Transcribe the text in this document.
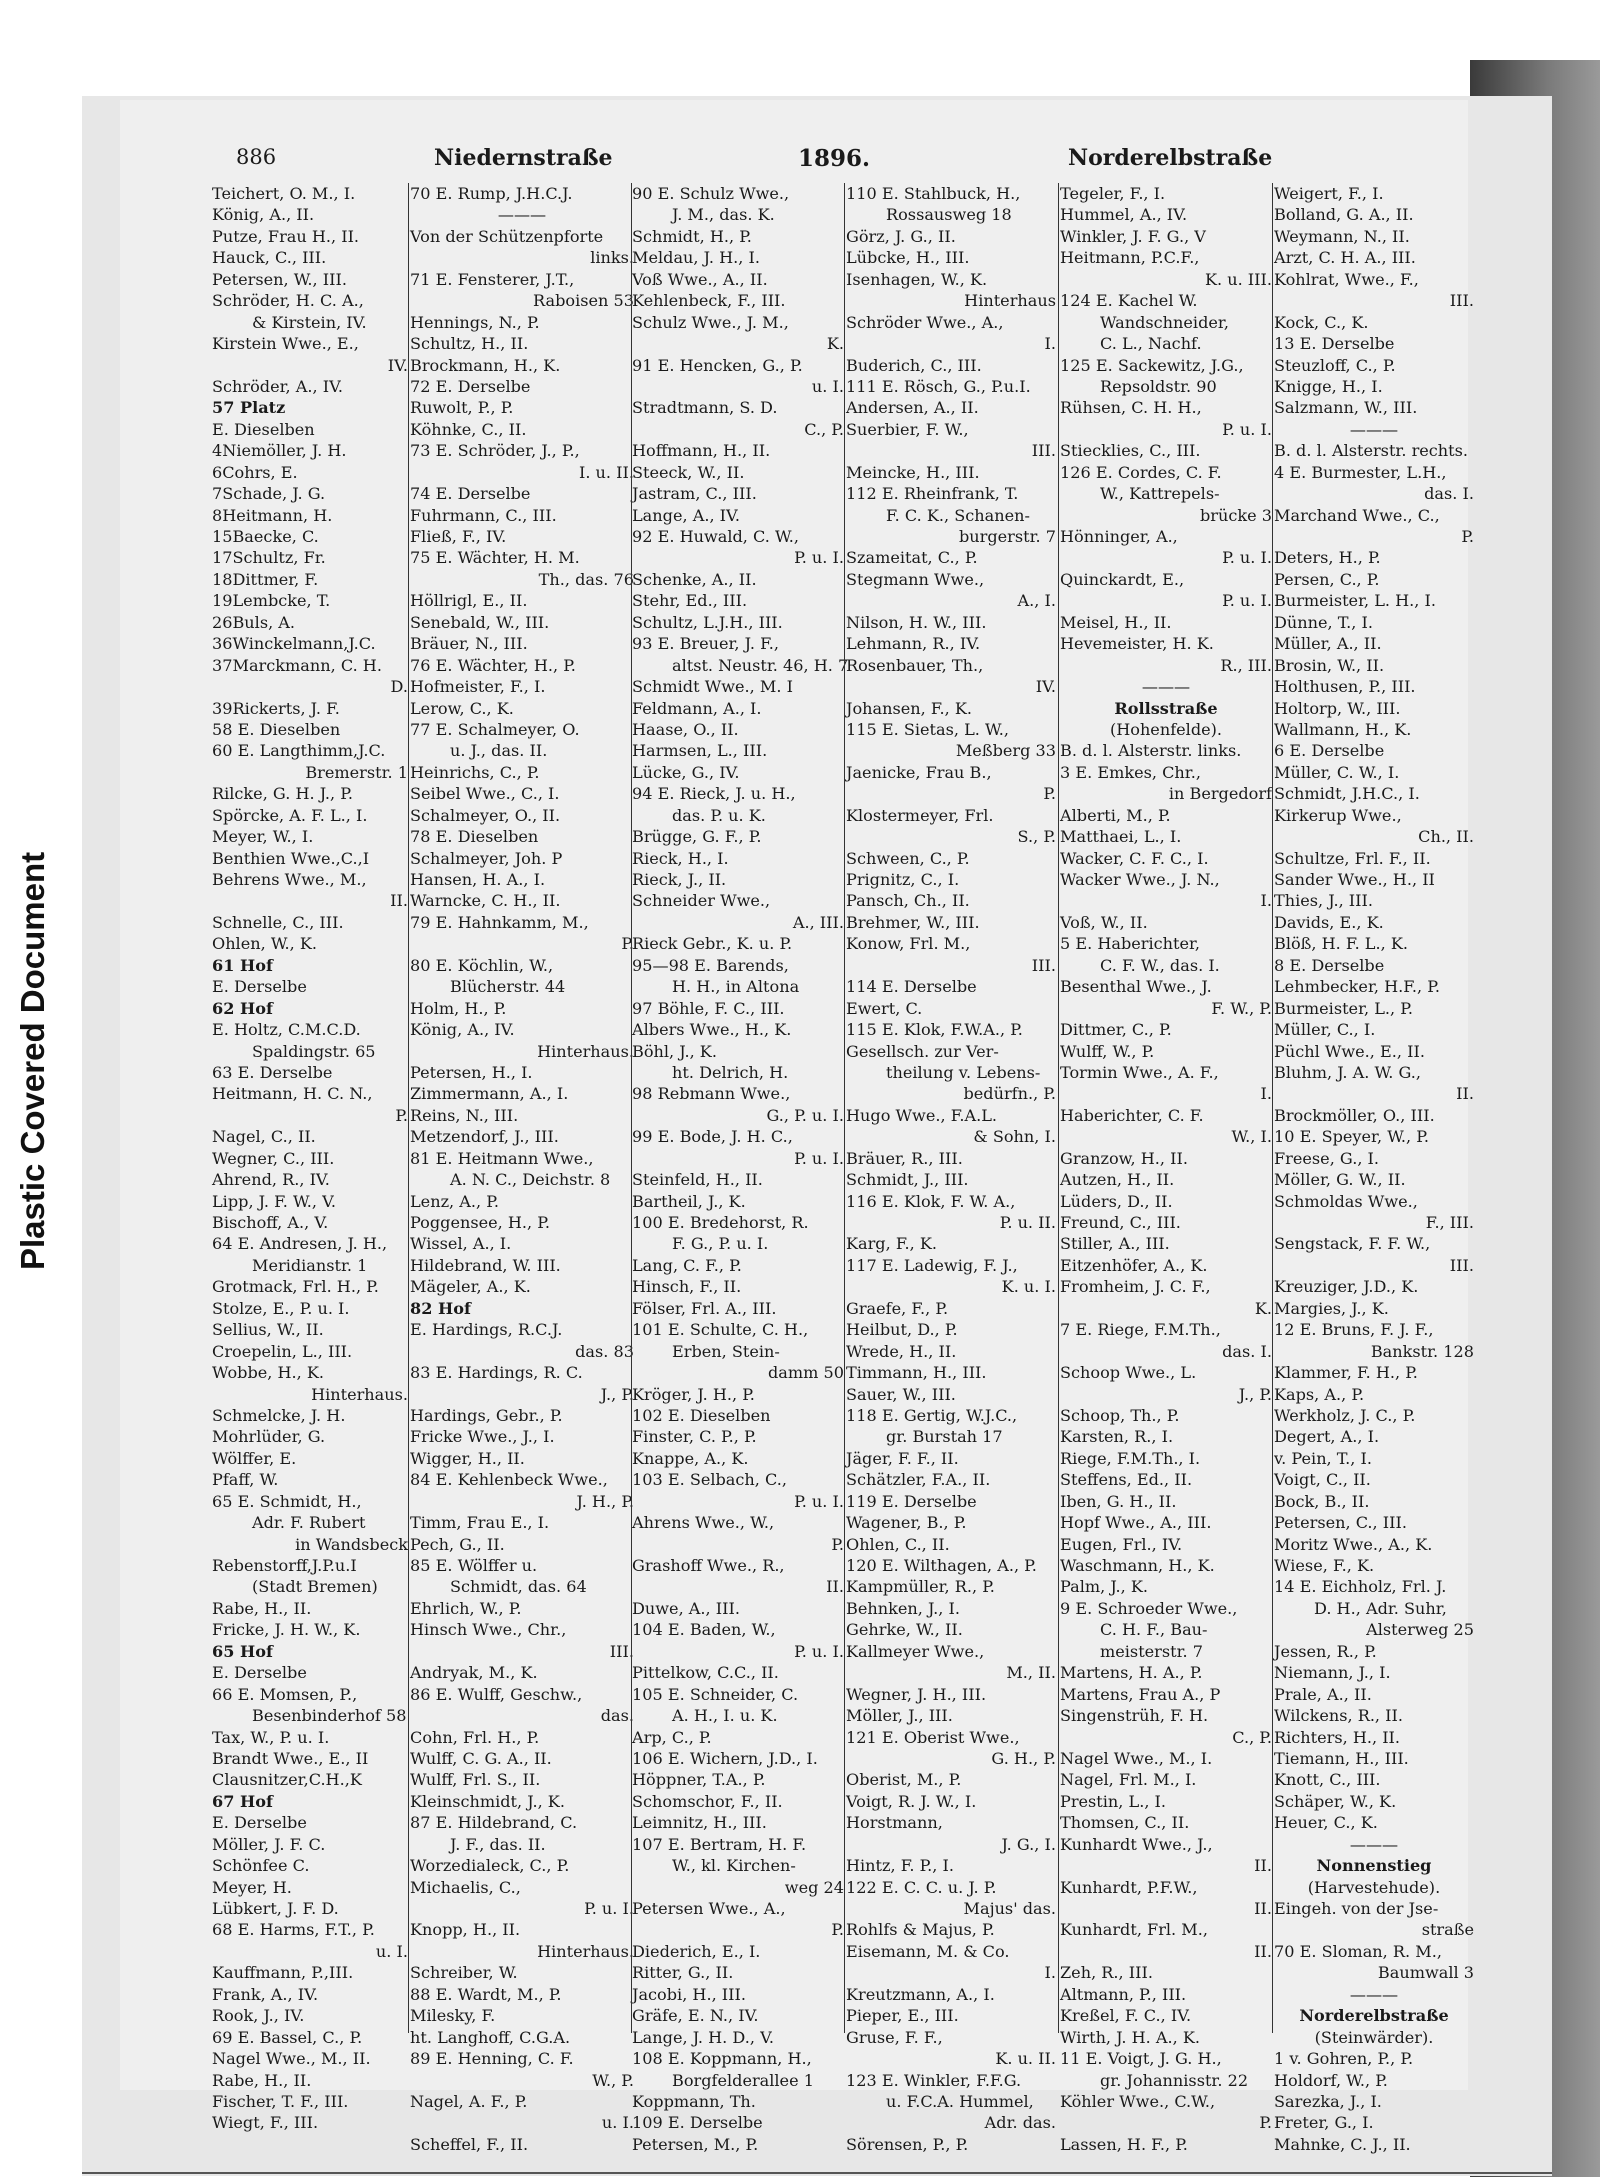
Plastic Covered Document
886	Niedernstraße	1896.	Norderelbstraße
Teichert, O. M., I.
König, A., II.
Putze, Frau H., II.
Hauck, C., III.
Petersen, W., III.
Schröder, H. C. A.,
& Kirstein, IV.
Kirstein Wwe., E.,
IV.
Schröder, A., IV.
57 Platz
E. Dieselben
4Niemöller, J. H.
6Cohrs, E.
7Schade, J. G.
8Heitmann, H.
15Baecke, C.
17Schultz, Fr.
18Dittmer, F.
19Lembcke, T.
26Buls, A.
36Winckelmann,J.C.
37Marckmann, C. H.
D.
39Rickerts, J. F.
58 E. Dieselben
60 E. Langthimm,J.C.
Bremerstr. 1
Rilcke, G. H. J., P.
Spörcke, A. F. L., I.
Meyer, W., I.
Benthien Wwe.,C.,I
Behrens Wwe., M.,
II.
Schnelle, C., III.
Ohlen, W., K.
61 Hof
E. Derselbe
62 Hof
E. Holtz, C.M.C.D.
Spaldingstr. 65
63 E. Derselbe
Heitmann, H. C. N.,
P.
Nagel, C., II.
Wegner, C., III.
Ahrend, R., IV.
Lipp, J. F. W., V.
Bischoff, A., V.
64 E. Andresen, J. H.,
Meridianstr. 1
Grotmack, Frl. H., P.
Stolze, E., P. u. I.
Sellius, W., II.
Croepelin, L., III.
Wobbe, H., K.
Hinterhaus.
Schmelcke, J. H.
Mohrlüder, G.
Wölffer, E.
Pfaff, W.
65 E. Schmidt, H.,
Adr. F. Rubert
in Wandsbeck
Rebenstorff,J.P.u.I
(Stadt Bremen)
Rabe, H., II.
Fricke, J. H. W., K.
65 Hof
E. Derselbe
66 E. Momsen, P.,
Besenbinderhof 58
Tax, W., P. u. I.
Brandt Wwe., E., II
Clausnitzer,C.H.,K
67 Hof
E. Derselbe
Möller, J. F. C.
Schönfee C.
Meyer, H.
Lübkert, J. F. D.
68 E. Harms, F.T., P.
u. I.
Kauffmann, P.,III.
Frank, A., IV.
Rook, J., IV.
69 E. Bassel, C., P.
Nagel Wwe., M., II.
Rabe, H., II.
Fischer, T. F., III.
Wiegt, F., III.
70 E. Rump, J.H.C.J.
———
Von der Schützenpforte
links.
71 E. Fensterer, J.T.,
Raboisen 53
Hennings, N., P.
Schultz, H., II.
Brockmann, H., K.
72 E. Derselbe
Ruwolt, P., P.
Köhnke, C., II.
73 E. Schröder, J., P.,
I. u. II.
74 E. Derselbe
Fuhrmann, C., III.
Fließ, F., IV.
75 E. Wächter, H. M.
Th., das. 76
Höllrigl, E., II.
Senebald, W., III.
Bräuer, N., III.
76 E. Wächter, H., P.
Hofmeister, F., I.
Lerow, C., K.
77 E. Schalmeyer, O.
u. J., das. II.
Heinrichs, C., P.
Seibel Wwe., C., I.
Schalmeyer, O., II.
78 E. Dieselben
Schalmeyer, Joh. P
Hansen, H. A., I.
Warncke, C. H., II.
79 E. Hahnkamm, M.,
P.
80 E. Köchlin, W.,
Blücherstr. 44
Holm, H., P.
König, A., IV.
Hinterhaus.
Petersen, H., I.
Zimmermann, A., I.
Reins, N., III.
Metzendorf, J., III.
81 E. Heitmann Wwe.,
A. N. C., Deichstr. 8
Lenz, A., P.
Poggensee, H., P.
Wissel, A., I.
Hildebrand, W. III.
Mägeler, A., K.
82 Hof
E. Hardings, R.C.J.
das. 83
83 E. Hardings, R. C.
J., P.
Hardings, Gebr., P.
Fricke Wwe., J., I.
Wigger, H., II.
84 E. Kehlenbeck Wwe.,
J. H., P.
Timm, Frau E., I.
Pech, G., II.
85 E. Wölffer u.
Schmidt, das. 64
Ehrlich, W., P.
Hinsch Wwe., Chr.,
III.
Andryak, M., K.
86 E. Wulff, Geschw.,
das.
Cohn, Frl. H., P.
Wulff, C. G. A., II.
Wulff, Frl. S., II.
Kleinschmidt, J., K.
87 E. Hildebrand, C.
J. F., das. II.
Worzedialeck, C., P.
Michaelis, C.,
P. u. I.
Knopp, H., II.
Hinterhaus.
Schreiber, W.
88 E. Wardt, M., P.
Milesky, F.
ht. Langhoff, C.G.A.
89 E. Henning, C. F.
W., P.
Nagel, A. F., P.
u. I.
Scheffel, F., II.
90 E. Schulz Wwe.,
J. M., das. K.
Schmidt, H., P.
Meldau, J. H., I.
Voß Wwe., A., II.
Kehlenbeck, F., III.
Schulz Wwe., J. M.,
K.
91 E. Hencken, G., P.
u. I.
Stradtmann, S. D.
C., P.
Hoffmann, H., II.
Steeck, W., II.
Jastram, C., III.
Lange, A., IV.
92 E. Huwald, C. W.,
P. u. I.
Schenke, A., II.
Stehr, Ed., III.
Schultz, L.J.H., III.
93 E. Breuer, J. F.,
altst. Neustr. 46, H. 7
Schmidt Wwe., M. I
Feldmann, A., I.
Haase, O., II.
Harmsen, L., III.
Lücke, G., IV.
94 E. Rieck, J. u. H.,
das. P. u. K.
Brügge, G. F., P.
Rieck, H., I.
Rieck, J., II.
Schneider Wwe.,
A., III.
Rieck Gebr., K. u. P.
95—98 E. Barends,
H. H., in Altona
97 Böhle, F. C., III.
Albers Wwe., H., K.
Böhl, J., K.
ht. Delrich, H.
98 Rebmann Wwe.,
G., P. u. I.
99 E. Bode, J. H. C.,
P. u. I.
Steinfeld, H., II.
Bartheil, J., K.
100 E. Bredehorst, R.
F. G., P. u. I.
Lang, C. F., P.
Hinsch, F., II.
Fölser, Frl. A., III.
101 E. Schulte, C. H.,
Erben, Stein-
damm 50
Kröger, J. H., P.
102 E. Dieselben
Finster, C. P., P.
Knappe, A., K.
103 E. Selbach, C.,
P. u. I.
Ahrens Wwe., W.,
P.
Grashoff Wwe., R.,
II.
Duwe, A., III.
104 E. Baden, W.,
P. u. I.
Pittelkow, C.C., II.
105 E. Schneider, C.
A. H., I. u. K.
Arp, C., P.
106 E. Wichern, J.D., I.
Höppner, T.A., P.
Schomschor, F., II.
Leimnitz, H., III.
107 E. Bertram, H. F.
W., kl. Kirchen-
weg 24
Petersen Wwe., A.,
P.
Diederich, E., I.
Ritter, G., II.
Jacobi, H., III.
Gräfe, E. N., IV.
Lange, J. H. D., V.
108 E. Koppmann, H.,
Borgfelderallee 1
Koppmann, Th.
109 E. Derselbe
Petersen, M., P.
110 E. Stahlbuck, H.,
Rossausweg 18
Görz, J. G., II.
Lübcke, H., III.
Isenhagen, W., K.
Hinterhaus
Schröder Wwe., A.,
I.
Buderich, C., III.
111 E. Rösch, G., P.u.I.
Andersen, A., II.
Suerbier, F. W.,
III.
Meincke, H., III.
112 E. Rheinfrank, T.
F. C. K., Schanen-
burgerstr. 7
Szameitat, C., P.
Stegmann Wwe.,
A., I.
Nilson, H. W., III.
Lehmann, R., IV.
Rosenbauer, Th.,
IV.
Johansen, F., K.
115 E. Sietas, L. W.,
Meßberg 33
Jaenicke, Frau B.,
P.
Klostermeyer, Frl.
S., P.
Schween, C., P.
Prignitz, C., I.
Pansch, Ch., II.
Brehmer, W., III.
Konow, Frl. M.,
III.
114 E. Derselbe
Ewert, C.
115 E. Klok, F.W.A., P.
Gesellsch. zur Ver-
theilung v. Lebens-
bedürfn., P.
Hugo Wwe., F.A.L.
& Sohn, I.
Bräuer, R., III.
Schmidt, J., III.
116 E. Klok, F. W. A.,
P. u. II.
Karg, F., K.
117 E. Ladewig, F. J.,
K. u. I.
Graefe, F., P.
Heilbut, D., P.
Wrede, H., II.
Timmann, H., III.
Sauer, W., III.
118 E. Gertig, W.J.C.,
gr. Burstah 17
Jäger, F. F., II.
Schätzler, F.A., II.
119 E. Derselbe
Wagener, B., P.
Ohlen, C., II.
120 E. Wilthagen, A., P.
Kampmüller, R., P.
Behnken, J., I.
Gehrke, W., II.
Kallmeyer Wwe.,
M., II.
Wegner, J. H., III.
Möller, J., III.
121 E. Oberist Wwe.,
G. H., P.
Oberist, M., P.
Voigt, R. J. W., I.
Horstmann,
J. G., I.
Hintz, F. P., I.
122 E. C. C. u. J. P.
Majus' das.
Rohlfs & Majus, P.
Eisemann, M. & Co.
I.
Kreutzmann, A., I.
Pieper, E., III.
Gruse, F. F.,
K. u. II.
123 E. Winkler, F.F.G.
u. F.C.A. Hummel,
Adr. das.
Sörensen, P., P.
Tegeler, F., I.
Hummel, A., IV.
Winkler, J. F. G., V
Heitmann, P.C.F.,
K. u. III.
124 E. Kachel W.
Wandschneider,
C. L., Nachf.
125 E. Sackewitz, J.G.,
Repsoldstr. 90
Rühsen, C. H. H.,
P. u. I.
Stiecklies, C., III.
126 E. Cordes, C. F.
W., Kattrepels-
brücke 3
Hönninger, A.,
P. u. I.
Quinckardt, E.,
P. u. I.
Meisel, H., II.
Hevemeister, H. K.
R., III.
———
Rollsstraße
(Hohenfelde).
B. d. l. Alsterstr. links.
3 E. Emkes, Chr.,
in Bergedorf
Alberti, M., P.
Matthaei, L., I.
Wacker, C. F. C., I.
Wacker Wwe., J. N.,
I.
Voß, W., II.
5 E. Haberichter,
C. F. W., das. I.
Besenthal Wwe., J.
F. W., P.
Dittmer, C., P.
Wulff, W., P.
Tormin Wwe., A. F.,
I.
Haberichter, C. F.
W., I.
Granzow, H., II.
Autzen, H., II.
Lüders, D., II.
Freund, C., III.
Stiller, A., III.
Eitzenhöfer, A., K.
Fromheim, J. C. F.,
K.
7 E. Riege, F.M.Th.,
das. I.
Schoop Wwe., L.
J., P.
Schoop, Th., P.
Karsten, R., I.
Riege, F.M.Th., I.
Steffens, Ed., II.
Iben, G. H., II.
Hopf Wwe., A., III.
Eugen, Frl., IV.
Waschmann, H., K.
Palm, J., K.
9 E. Schroeder Wwe.,
C. H. F., Bau-
meisterstr. 7
Martens, H. A., P.
Martens, Frau A., P
Singenstrüh, F. H.
C., P.
Nagel Wwe., M., I.
Nagel, Frl. M., I.
Prestin, L., I.
Thomsen, C., II.
Kunhardt Wwe., J.,
II.
Kunhardt, P.F.W.,
II.
Kunhardt, Frl. M.,
II.
Zeh, R., III.
Altmann, P., III.
Kreßel, F. C., IV.
Wirth, J. H. A., K.
11 E. Voigt, J. G. H.,
gr. Johannisstr. 22
Köhler Wwe., C.W.,
P.
Lassen, H. F., P.
Weigert, F., I.
Bolland, G. A., II.
Weymann, N., II.
Arzt, C. H. A., III.
Kohlrat, Wwe., F.,
III.
Kock, C., K.
13 E. Derselbe
Steuzloff, C., P.
Knigge, H., I.
Salzmann, W., III.
———
B. d. l. Alsterstr. rechts.
4 E. Burmester, L.H.,
das. I.
Marchand Wwe., C.,
P.
Deters, H., P.
Persen, C., P.
Burmeister, L. H., I.
Dünne, T., I.
Müller, A., II.
Brosin, W., II.
Holthusen, P., III.
Holtorp, W., III.
Wallmann, H., K.
6 E. Derselbe
Müller, C. W., I.
Schmidt, J.H.C., I.
Kirkerup Wwe.,
Ch., II.
Schultze, Frl. F., II.
Sander Wwe., H., II
Thies, J., III.
Davids, E., K.
Blöß, H. F. L., K.
8 E. Derselbe
Lehmbecker, H.F., P.
Burmeister, L., P.
Müller, C., I.
Püchl Wwe., E., II.
Bluhm, J. A. W. G.,
II.
Brockmöller, O., III.
10 E. Speyer, W., P.
Freese, G., I.
Möller, G. W., II.
Schmoldas Wwe.,
F., III.
Sengstack, F. F. W.,
III.
Kreuziger, J.D., K.
Margies, J., K.
12 E. Bruns, F. J. F.,
Bankstr. 128
Klammer, F. H., P.
Kaps, A., P.
Werkholz, J. C., P.
Degert, A., I.
v. Pein, T., I.
Voigt, C., II.
Bock, B., II.
Petersen, C., III.
Moritz Wwe., A., K.
Wiese, F., K.
14 E. Eichholz, Frl. J.
D. H., Adr. Suhr,
Alsterweg 25
Jessen, R., P.
Niemann, J., I.
Prale, A., II.
Wilckens, R., II.
Richters, H., II.
Tiemann, H., III.
Knott, C., III.
Schäper, W., K.
Heuer, C., K.
———
Nonnenstieg
(Harvestehude).
Eingeh. von der Jse-
straße
70 E. Sloman, R. M.,
Baumwall 3
———
Norderelbstraße
(Steinwärder).
1 v. Gohren, P., P.
Holdorf, W., P.
Sarezka, J., I.
Freter, G., I.
Mahnke, C. J., II.
